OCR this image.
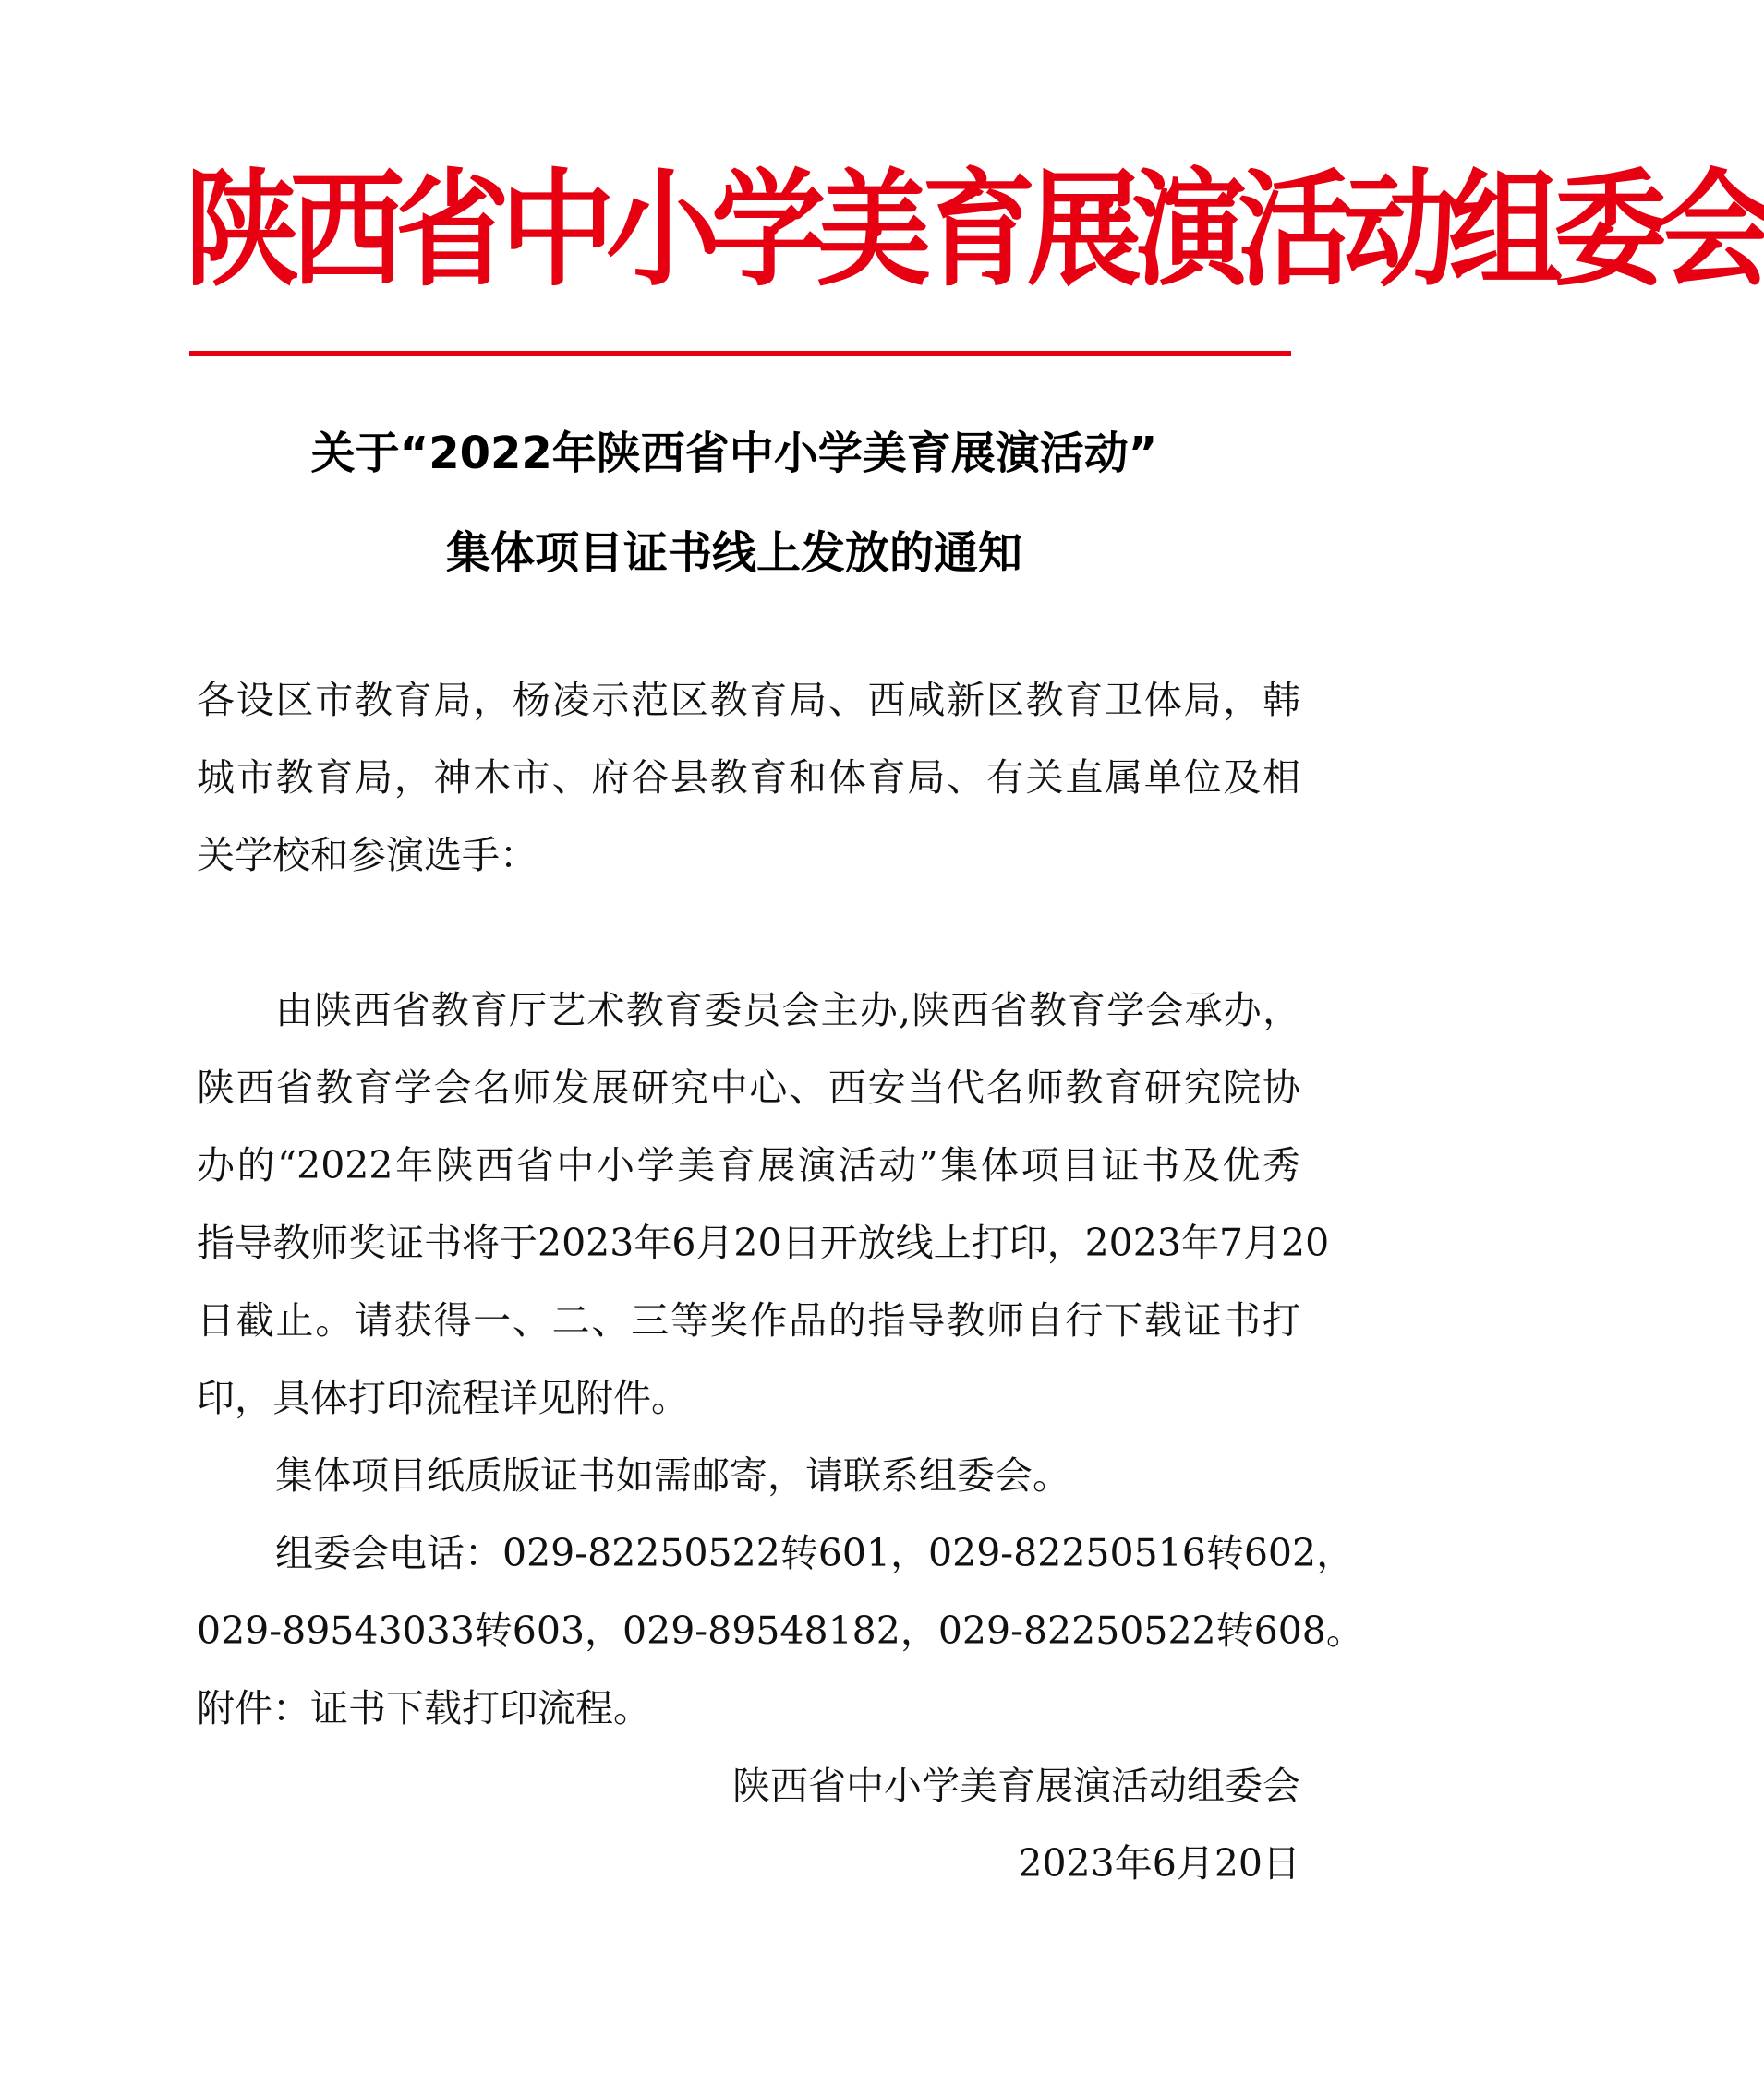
陕西省中小学美育展演活动组委会
关于“2022年陕西省中小学美育展演活动”
集体项目证书线上发放的通知
各设区市教育局，杨凌示范区教育局、西咸新区教育卫体局，韩
城市教育局，神木市、府谷县教育和体育局、有关直属单位及相
关学校和参演选手：
由陕西省教育厅艺术教育委员会主办,陕西省教育学会承办，
陕西省教育学会名师发展研究中心、西安当代名师教育研究院协
办的“2022年陕西省中小学美育展演活动”集体项目证书及优秀
指导教师奖证书将于2023年6月20日开放线上打印，2023年7月20
日截止。请获得一、二、三等奖作品的指导教师自行下载证书打
印，具体打印流程详见附件。
集体项目纸质版证书如需邮寄，请联系组委会。
组委会电话：029-82250522转601，029-82250516转602，
029-89543033转603，029-89548182，029-82250522转608。
附件：证书下载打印流程。
陕西省中小学美育展演活动组委会
2023年6月20日
